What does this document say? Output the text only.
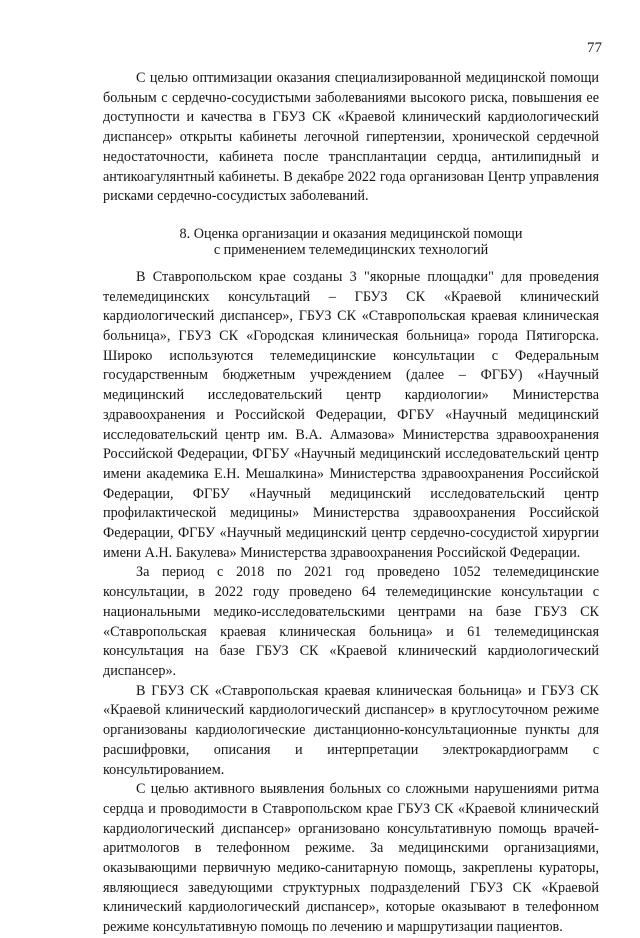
77

С целью оптимизации оказания специализированной медицинской помощи больным с сердечно-сосудистыми заболеваниями высокого риска, повышения ее доступности и качества в ГБУЗ СК «Краевой клинический кардиологический диспансер» открыты кабинеты легочной гипертензии, хронической сердечной недостаточности, кабинета после трансплантации сердца, антилипидный и антикоагулянтный кабинеты. В декабре 2022 года организован Центр управления рисками сердечно-сосудистых заболеваний.

8. Оценка организации и оказания медицинской помощи
с применением телемедицинских технологий

В Ставропольском крае созданы 3 "якорные площадки" для проведения телемедицинских консультаций – ГБУЗ СК «Краевой клинический кардиологический диспансер», ГБУЗ СК «Ставропольская краевая клиническая больница», ГБУЗ СК «Городская клиническая больница» города Пятигорска. Широко используются телемедицинские консультации с Федеральным государственным бюджетным учреждением (далее – ФГБУ) «Научный медицинский исследовательский центр кардиологии» Министерства здравоохранения и Российской Федерации, ФГБУ «Научный медицинский исследовательский центр им. В.А. Алмазова» Министерства здравоохранения Российской Федерации, ФГБУ «Научный медицинский исследовательский центр имени академика Е.Н. Мешалкина» Министерства здравоохранения Российской Федерации, ФГБУ «Научный медицинский исследовательский центр профилактической медицины» Министерства здравоохранения Российской Федерации, ФГБУ «Научный медицинский центр сердечно-сосудистой хирургии имени А.Н. Бакулева» Министерства здравоохранения Российской Федерации.

За период с 2018 по 2021 год проведено 1052 телемедицинские консультации, в 2022 году проведено 64 телемедицинские консультации с национальными медико-исследовательскими центрами на базе ГБУЗ СК «Ставропольская краевая клиническая больница» и 61 телемедицинская консультация на базе ГБУЗ СК «Краевой клинический кардиологический диспансер».

В ГБУЗ СК «Ставропольская краевая клиническая больница» и ГБУЗ СК «Краевой клинический кардиологический диспансер» в круглосуточном режиме организованы кардиологические дистанционно-консультационные пункты для расшифровки, описания и интерпретации электрокардиограмм с консультированием.

С целью активного выявления больных со сложными нарушениями ритма сердца и проводимости в Ставропольском крае ГБУЗ СК «Краевой клинический кардиологический диспансер» организовано консультативную помощь врачей-аритмологов в телефонном режиме. За медицинскими организациями, оказывающими первичную медико-санитарную помощь, закреплены кураторы, являющиеся заведующими структурных подразделений ГБУЗ СК «Краевой клинический кардиологический диспансер», которые оказывают в телефонном режиме консультативную помощь по лечению и маршрутизации пациентов.
